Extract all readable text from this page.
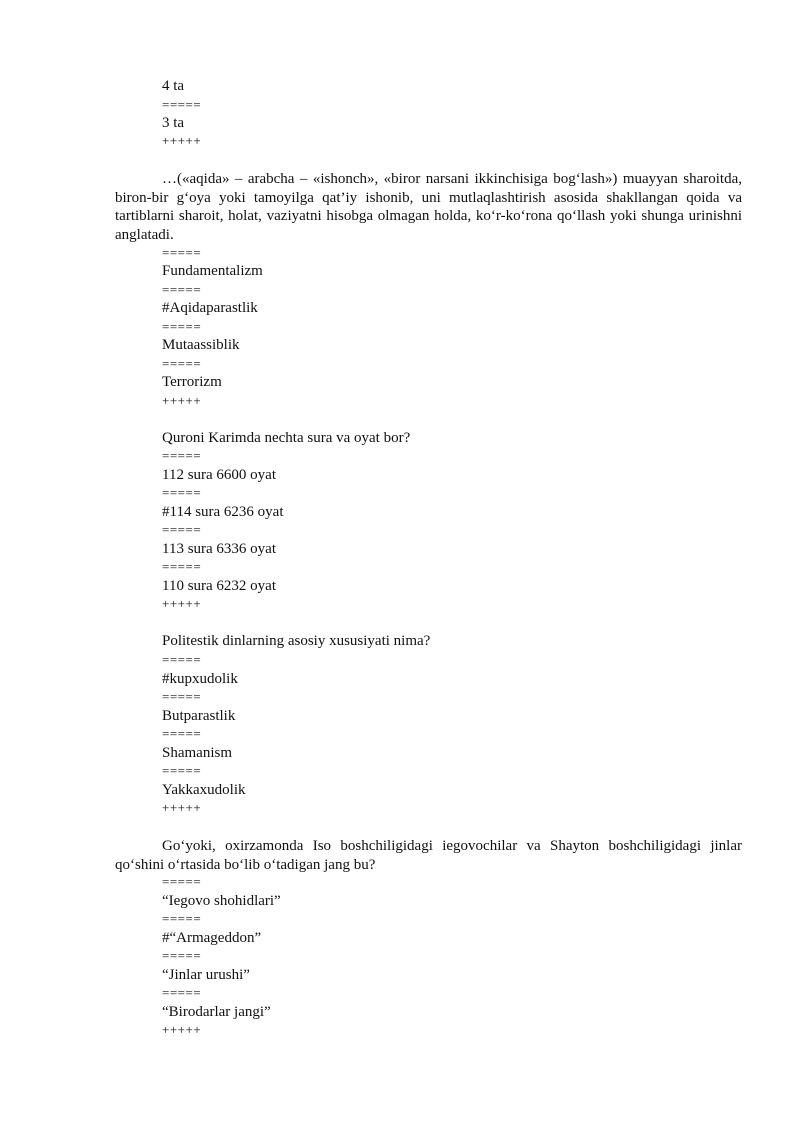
4 ta

=====

3 ta

+++++

…(«aqida» – arabcha – «ishonch», «biror narsani ikkinchisiga bog‘lash») muayyan sharoitda, biron-bir g‘oya yoki tamoyilga qat’iy ishonib, uni mutlaqlashtirish asosida shakllangan qoida va tartiblarni sharoit, holat, vaziyatni hisobga olmagan holda, ko‘r-ko‘rona qo‘llash yoki shunga urinishni anglatadi.

=====

Fundamentalizm

=====

#Aqidaparastlik

=====

Mutaassiblik

=====

Terrorizm

+++++

Quroni Karimda nechta sura va oyat bor?

=====

112 sura 6600 oyat

=====

#114 sura 6236 oyat

=====

113 sura 6336 oyat

=====

110 sura 6232 oyat

+++++

Politestik dinlarning asosiy xususiyati nima?

=====

#kupxudolik

=====

Butparastlik

=====

Shamanism

=====

Yakkaxudolik

+++++

Go‘yoki, oxirzamonda Iso boshchiligidagi iegovochilar va Shayton boshchiligidagi jinlar qo‘shini o‘rtasida bo‘lib o‘tadigan jang bu?

=====

“Iegovo shohidlari”

=====

#“Armageddon”

=====

“Jinlar urushi”

=====

“Birodarlar jangi”

+++++
